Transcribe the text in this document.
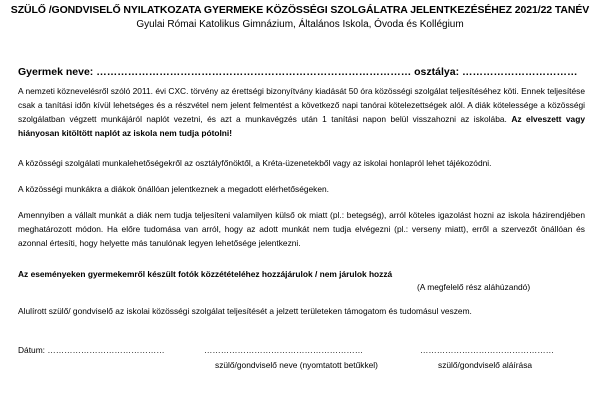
SZÜLŐ /GONDVISELŐ NYILATKOZATA GYERMEKE KÖZÖSSÉGI SZOLGÁLATRA JELENTKEZÉSÉHEZ 2021/22 TANÉV
Gyulai Római Katolikus Gimnázium, Általános Iskola, Óvoda és Kollégium
Gyermek neve: ……………………………………………………………………………… osztálya: ……………………………
A nemzeti köznevelésről szóló 2011. évi CXC. törvény az érettségi bizonyítvány kiadását 50 óra közösségi szolgálat teljesítéséhez köti. Ennek teljesítése csak a tanítási időn kívül lehetséges és a részvétel nem jelent felmentést a következő napi tanórai kötelezettségek alól. A diák kötelessége a közösségi szolgálatban végzett munkájáról naplót vezetni, és azt a munkavégzés után 1 tanítási napon belül visszahozni az iskolába. Az elveszett vagy hiányosan kitöltött naplót az iskola nem tudja pótolni!
A közösségi szolgálati munkalehetőségekről az osztályfőnöktől, a Kréta-üzenetekből vagy az iskolai honlapról lehet tájékozódni.
A közösségi munkákra a diákok önállóan jelentkeznek a megadott elérhetőségeken.
Amennyiben a vállalt munkát a diák nem tudja teljesíteni valamilyen külső ok miatt (pl.: betegség), arról köteles igazolást hozni az iskola házirendjében meghatározott módon. Ha előre tudomása van arról, hogy az adott munkát nem tudja elvégezni (pl.: verseny miatt), erről a szervezőt önállóan és azonnal értesíti, hogy helyette más tanulónak legyen lehetősége jelentkezni.
Az eseményeken gyermekemről készült fotók közzétételéhez hozzájárulok / nem járulok hozzá
(A megfelelő rész aláhúzandó)
Alulírott szülő/ gondviselő az iskolai közösségi szolgálat teljesítését a jelzett területeken támogatom és tudomásul veszem.
Dátum: ……………………………………	…………………………………………………	…………………………………………
szülő/gondviselő neve (nyomtatott betűkkel)	szülő/gondviselő aláírása
